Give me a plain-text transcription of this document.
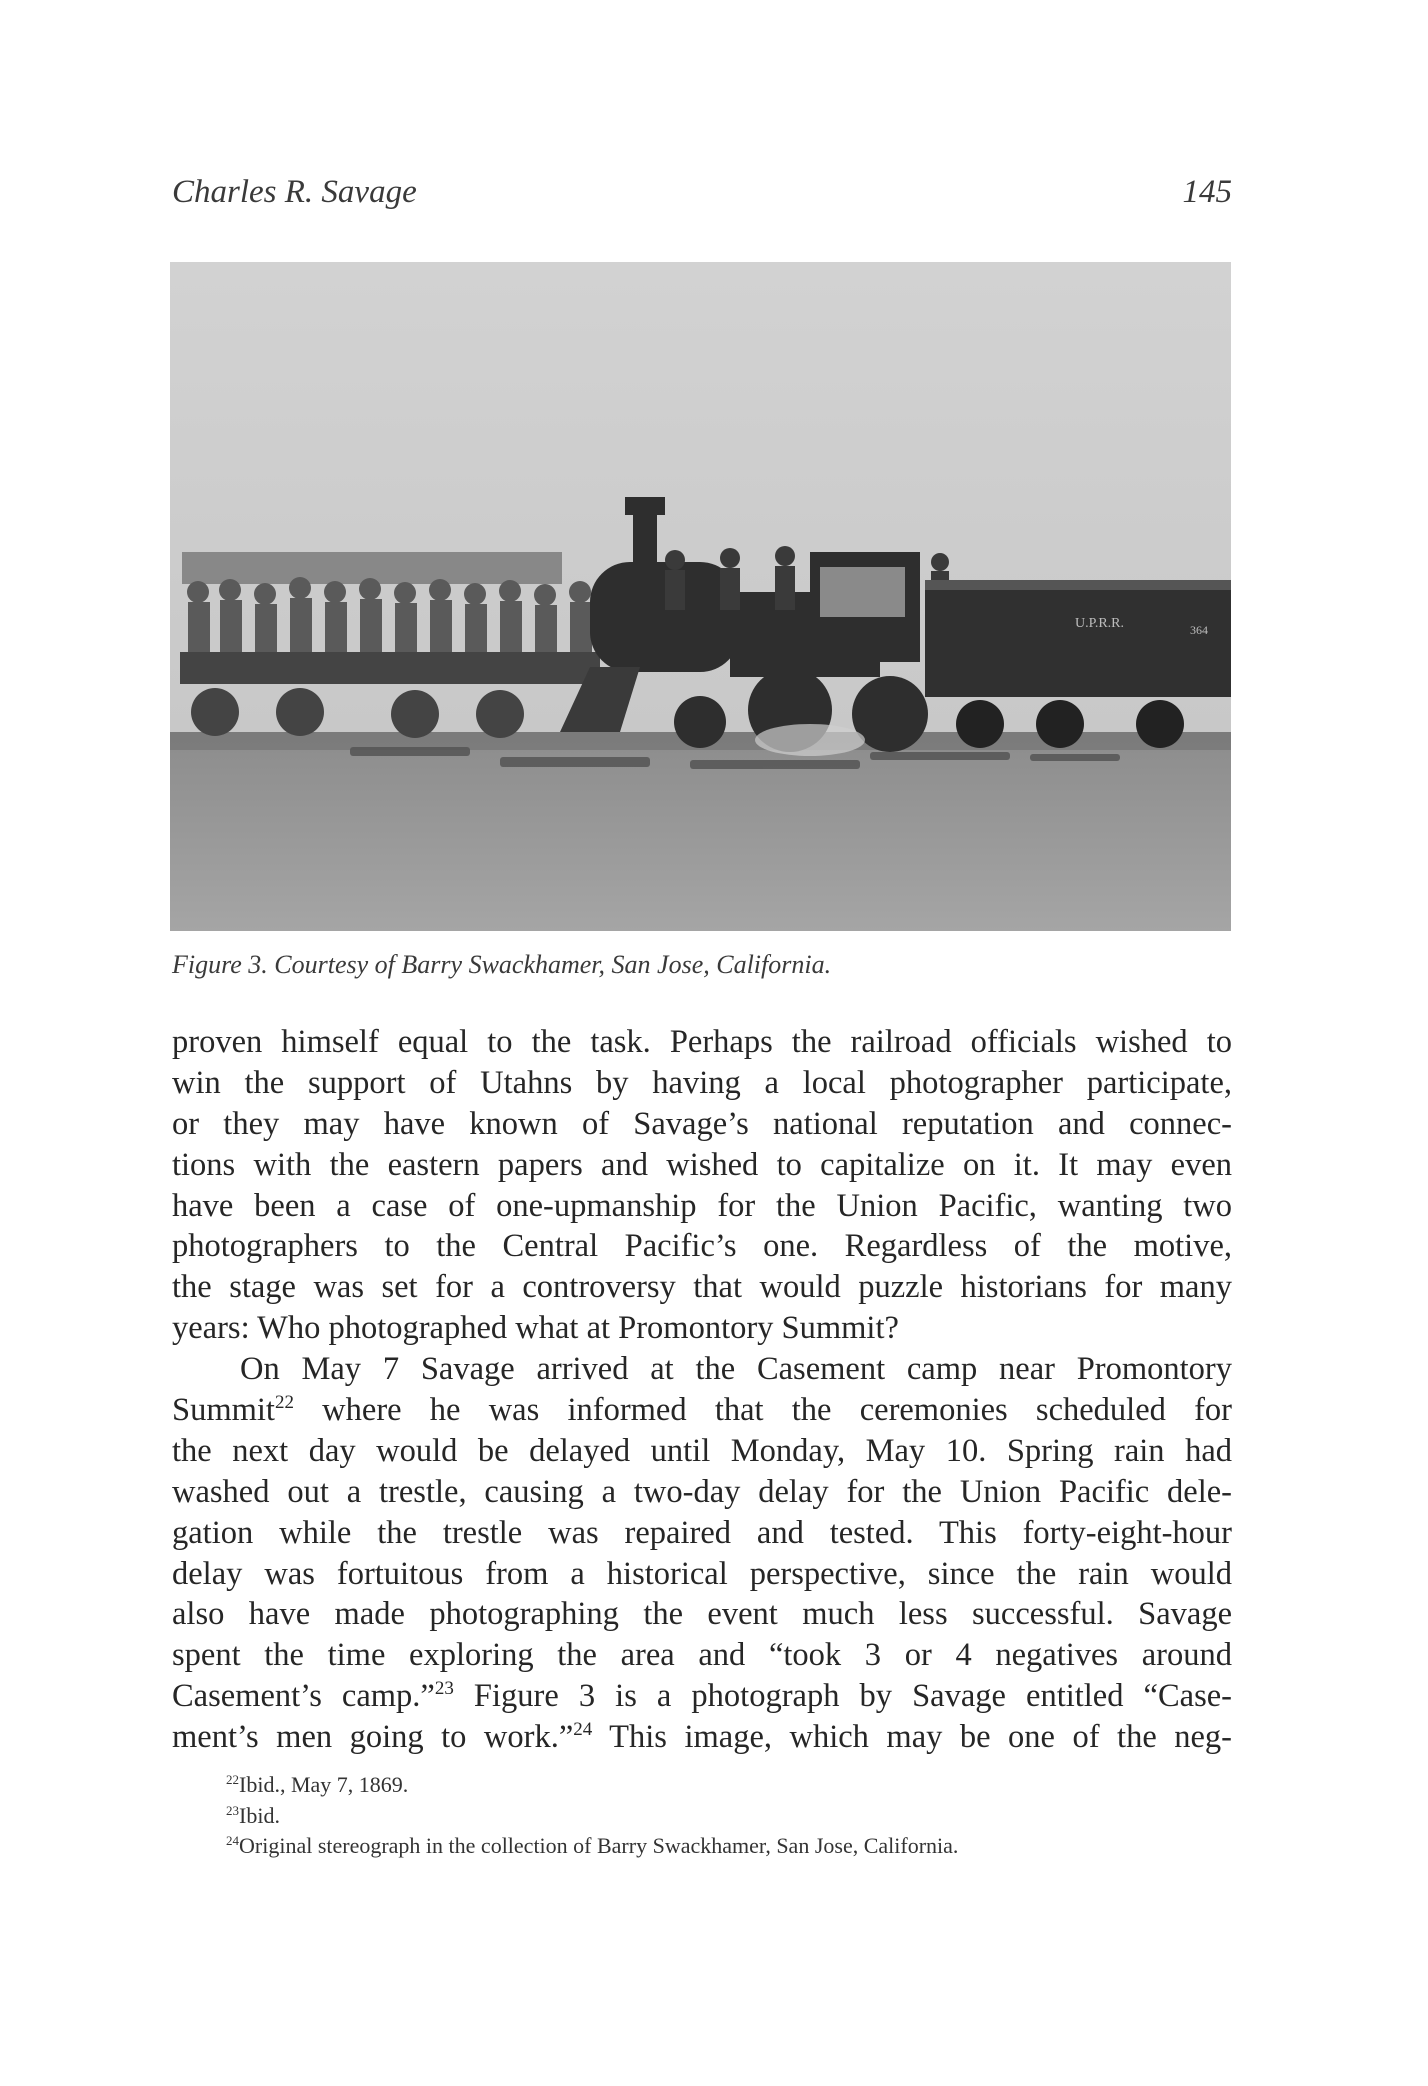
Charles R. Savage	145
U.P.R.R.	364
Figure 3. Courtesy of Barry Swackhamer, San Jose, California.
proven himself equal to the task. Perhaps the railroad officials wished to
win the support of Utahns by having a local photographer participate,
or they may have known of Savage’s national reputation and connec-
tions with the eastern papers and wished to capitalize on it. It may even
have been a case of one-upmanship for the Union Pacific, wanting two
photographers to the Central Pacific’s one. Regardless of the motive,
the stage was set for a controversy that would puzzle historians for many
years: Who photographed what at Promontory Summit?
On May 7 Savage arrived at the Casement camp near Promontory
Summit$^{22}$ where he was informed that the ceremonies scheduled for
the next day would be delayed until Monday, May 10. Spring rain had
washed out a trestle, causing a two-day delay for the Union Pacific dele-
gation while the trestle was repaired and tested. This forty-eight-hour
delay was fortuitous from a historical perspective, since the rain would
also have made photographing the event much less successful. Savage
spent the time exploring the area and “took 3 or 4 negatives around
Casement’s camp.”$^{23}$ Figure 3 is a photograph by Savage entitled “Case-
ment’s men going to work.”$^{24}$ This image, which may be one of the neg-
$^{22}$Ibid., May 7, 1869.
$^{23}$Ibid.
$^{24}$Original stereograph in the collection of Barry Swackhamer, San Jose, California.
